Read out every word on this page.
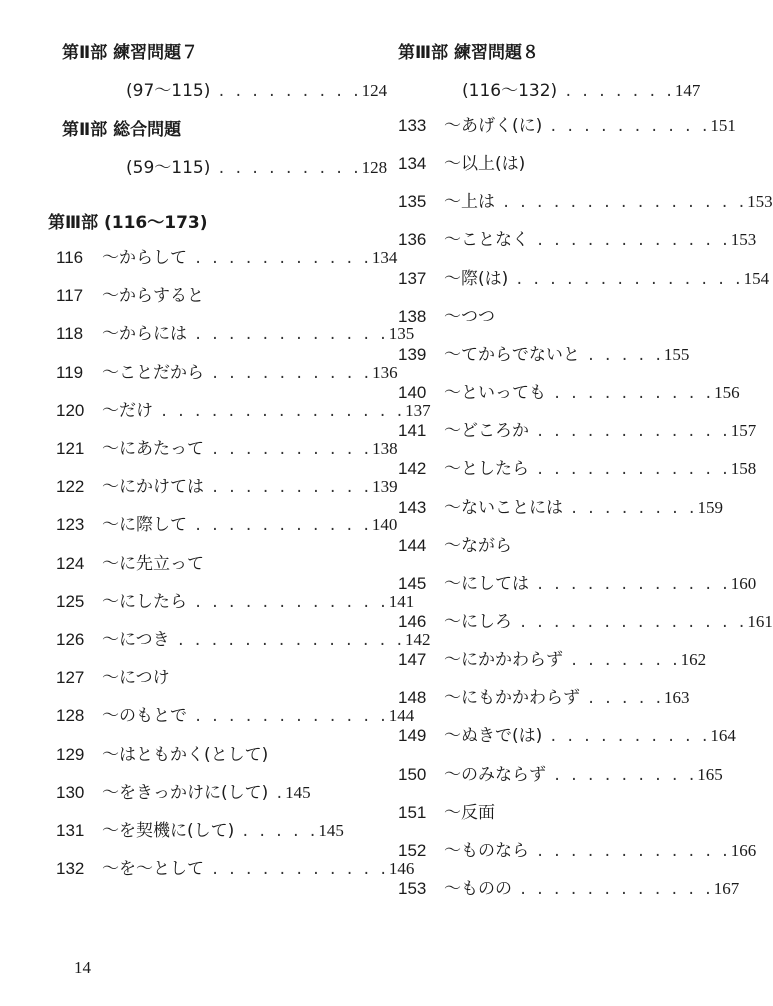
第Ⅱ部 練習問題７
(97〜115) . . . . . . . . .124
第Ⅱ部 総合問題
(59〜115) . . . . . . . . .128
第Ⅲ部 (116〜173)
116 〜からして . . . . . . . . . . .134
117 〜からすると
118 〜からには . . . . . . . . . . . .135
119 〜ことだから . . . . . . . . . .136
120 〜だけ . . . . . . . . . . . . . . .137
121 〜にあたって . . . . . . . . . .138
122 〜にかけては . . . . . . . . . .139
123 〜に際して . . . . . . . . . . .140
124 〜に先立って
125 〜にしたら . . . . . . . . . . . .141
126 〜につき . . . . . . . . . . . . . .142
127 〜につけ
128 〜のもとで . . . . . . . . . . . .144
129 〜はともかく(として)
130 〜をきっかけに(して) .145
131 〜を契機に(して) . . . . .145
132 〜を〜として . . . . . . . . . . .146
第Ⅲ部 練習問題８
(116〜132) . . . . . . .147
133 〜あげく(に) . . . . . . . . . .151
134 〜以上(は)
135 〜上は . . . . . . . . . . . . . . .153
136 〜ことなく . . . . . . . . . . . .153
137 〜際(は) . . . . . . . . . . . . . .154
138 〜つつ
139 〜てからでないと . . . . .155
140 〜といっても . . . . . . . . . .156
141 〜どころか . . . . . . . . . . . .157
142 〜としたら . . . . . . . . . . . .158
143 〜ないことには . . . . . . . .159
144 〜ながら
145 〜にしては . . . . . . . . . . . .160
146 〜にしろ . . . . . . . . . . . . . .161
147 〜にかかわらず . . . . . . .162
148 〜にもかかわらず . . . . .163
149 〜ぬきで(は) . . . . . . . . . .164
150 〜のみならず . . . . . . . . .165
151 〜反面
152 〜ものなら . . . . . . . . . . . .166
153 〜ものの . . . . . . . . . . . .167
14
